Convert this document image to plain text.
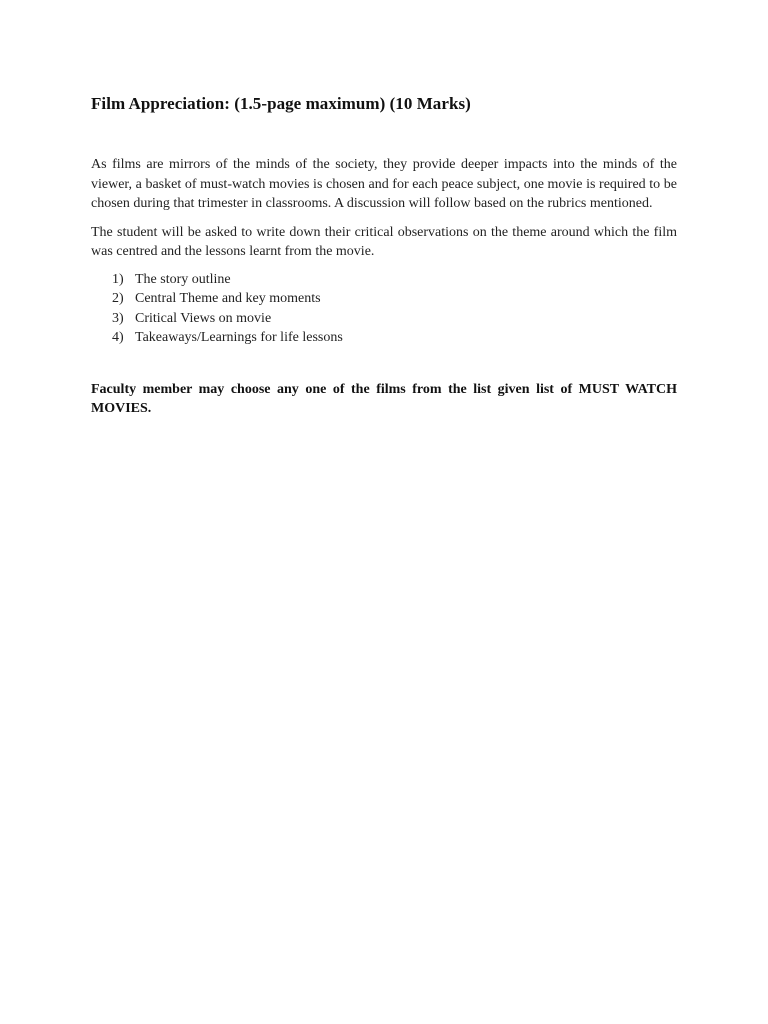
Film Appreciation: (1.5-page maximum) (10 Marks)

As films are mirrors of the minds of the society, they provide deeper impacts into the minds of the viewer, a basket of must-watch movies is chosen and for each peace subject, one movie is required to be chosen during that trimester in classrooms. A discussion will follow based on the rubrics mentioned.

The student will be asked to write down their critical observations on the theme around which the film was centred and the lessons learnt from the movie.

1) The story outline
2) Central Theme and key moments
3) Critical Views on movie
4) Takeaways/Learnings for life lessons

Faculty member may choose any one of the films from the list given list of MUST WATCH MOVIES.
